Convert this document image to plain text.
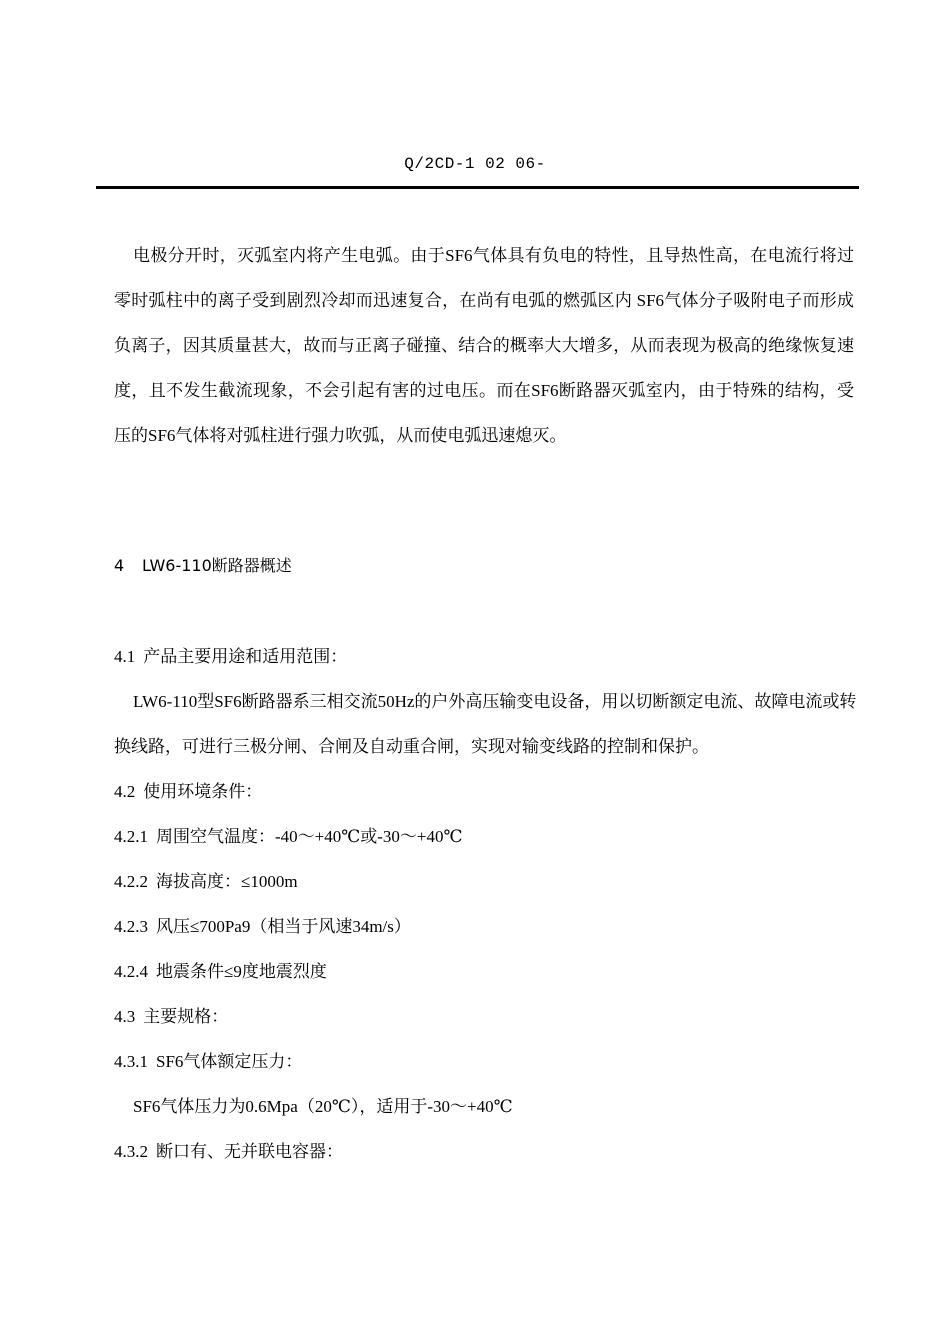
Q/2CD-1 02 06-

电极分开时，灭弧室内将产生电弧。由于SF6气体具有负电的特性，且导热性高，在电流行将过零时弧柱中的离子受到剧烈冷却而迅速复合，在尚有电弧的燃弧区内 SF6气体分子吸附电子而形成负离子，因其质量甚大，故而与正离子碰撞、结合的概率大大增多，从而表现为极高的绝缘恢复速度，且不发生截流现象，不会引起有害的过电压。而在SF6断路器灭弧室内，由于特殊的结构，受压的SF6气体将对弧柱进行强力吹弧，从而使电弧迅速熄灭。

4 LW6-110断路器概述

4.1 产品主要用途和适用范围：

LW6-110型SF6断路器系三相交流50Hz的户外高压输变电设备，用以切断额定电流、故障电流或转换线路，可进行三极分闸、合闸及自动重合闸，实现对输变线路的控制和保护。

4.2 使用环境条件：

4.2.1 周围空气温度：-40～+40℃或-30～+40℃

4.2.2 海拔高度：≤1000m

4.2.3 风压≤700Pa9（相当于风速34m/s）

4.2.4 地震条件≤9度地震烈度

4.3 主要规格：

4.3.1 SF6气体额定压力：

SF6气体压力为0.6Mpa（20℃），适用于-30～+40℃

4.3.2 断口有、无并联电容器：
